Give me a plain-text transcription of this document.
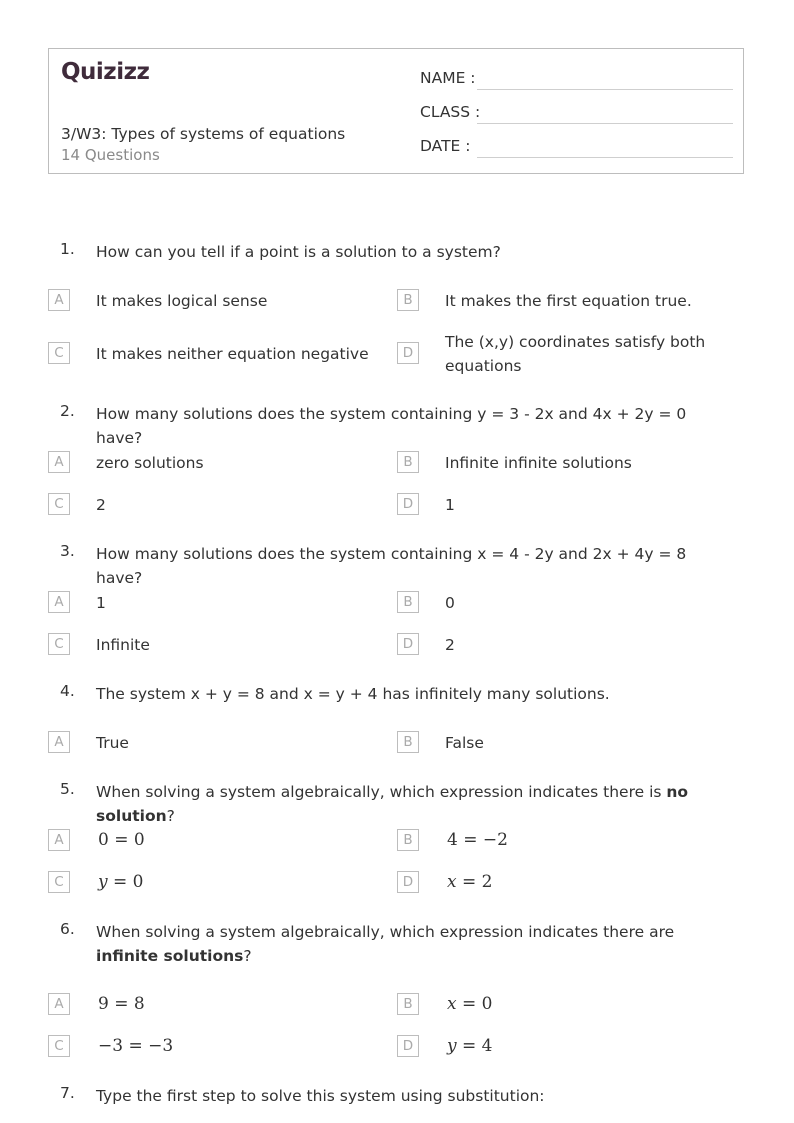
Quizizz
3/W3: Types of systems of equations
14 Questions
NAME :
CLASS :
DATE :
1.	How can you tell if a point is a solution to a system?
A	It makes logical sense	B	It makes the first equation true.
C	It makes neither equation negative	D
The (x,y) coordinates satisfy both equations
2.	How many solutions does the system containing y = 3 - 2x and 4x + 2y = 0 have?
A	zero solutions	B	Infinite infinite solutions
C	2	D	1
3.	How many solutions does the system containing x = 4 - 2y and 2x + 4y = 8 have?
A	1	B	0
C	Infinite	D	2
4.	The system x + y = 8 and x = y + 4 has infinitely many solutions.
A	True	B	False
5.	When solving a system algebraically, which expression indicates there is no solution?
A	0 = 0	B	4 = −2
C	y = 0	D	x = 2
6.	When solving a system algebraically, which expression indicates there are infinite solutions?
A	9 = 8	B	x = 0
C	−3 = −3	D	y = 4
7.	Type the first step to solve this system using substitution:
